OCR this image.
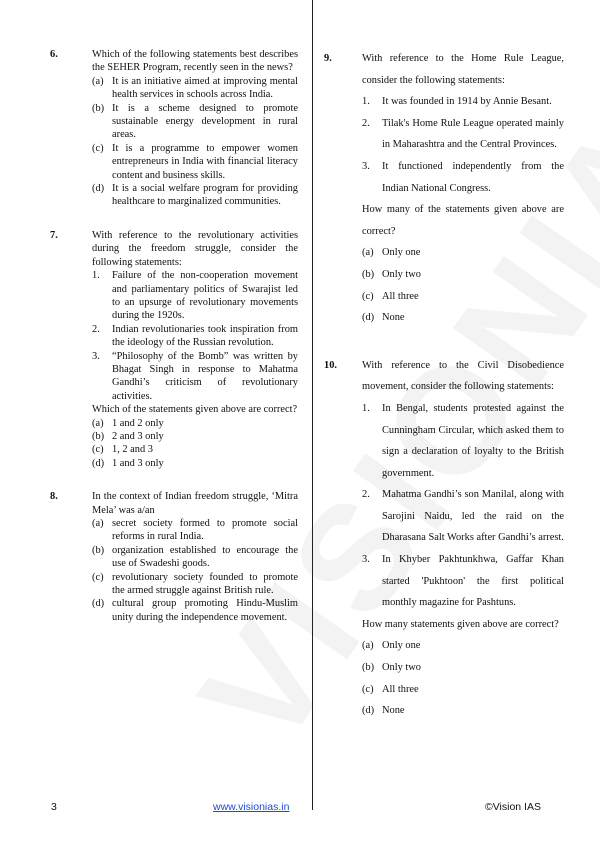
6.	Which of the following statements best describes the SEHER Program, recently seen in the news?
(a) It is an initiative aimed at improving mental health services in schools across India.
(b) It is a scheme designed to promote sustainable energy development in rural areas.
(c) It is a programme to empower women entrepreneurs in India with financial literacy content and business skills.
(d) It is a social welfare program for providing healthcare to marginalized communities.
7.	With reference to the revolutionary activities during the freedom struggle, consider the following statements:
1. Failure of the non-cooperation movement and parliamentary politics of Swarajist led to an upsurge of revolutionary movements during the 1920s.
2. Indian revolutionaries took inspiration from the ideology of the Russian revolution.
3. “Philosophy of the Bomb” was written by Bhagat Singh in response to Mahatma Gandhi’s criticism of revolutionary activities.
Which of the statements given above are correct?
(a) 1 and 2 only
(b) 2 and 3 only
(c) 1, 2 and 3
(d) 1 and 3 only
8.	In the context of Indian freedom struggle, ‘Mitra Mela’ was a/an
(a) secret society formed to promote social reforms in rural India.
(b) organization established to encourage the use of Swadeshi goods.
(c) revolutionary society founded to promote the armed struggle against British rule.
(d) cultural group promoting Hindu-Muslim unity during the independence movement.
9.	With reference to the Home Rule League, consider the following statements:
1. It was founded in 1914 by Annie Besant.
2. Tilak's Home Rule League operated mainly in Maharashtra and the Central Provinces.
3. It functioned independently from the Indian National Congress.
How many of the statements given above are correct?
(a) Only one
(b) Only two
(c) All three
(d) None
10. With reference to the Civil Disobedience movement, consider the following statements:
1. In Bengal, students protested against the Cunningham Circular, which asked them to sign a declaration of loyalty to the British government.
2. Mahatma Gandhi’s son Manilal, along with Sarojini Naidu, led the raid on the Dharasana Salt Works after Gandhi’s arrest.
3. In Khyber Pakhtunkhwa, Gaffar Khan started 'Pukhtoon' the first political monthly magazine for Pashtuns.
How many statements given above are correct?
(a) Only one
(b) Only two
(c) All three
(d) None
3	www.visionias.in	©Vision IAS
